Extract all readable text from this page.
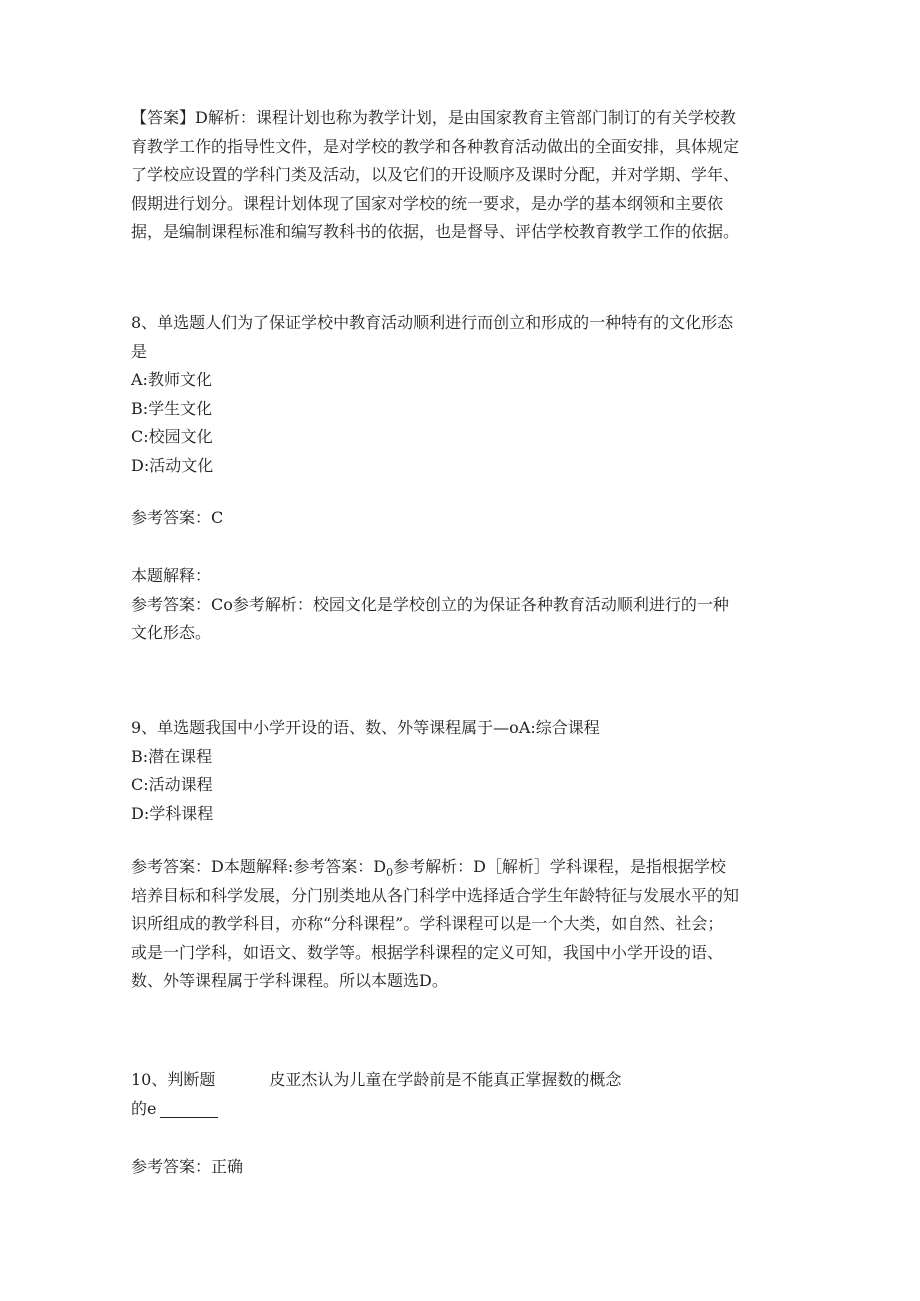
【答案】D解析：课程计划也称为教学计划，是由国家教育主管部门制订的有关学校教
育教学工作的指导性文件，是对学校的教学和各种教育活动做出的全面安排，具体规定
了学校应设置的学科门类及活动，以及它们的开设顺序及课时分配，并对学期、学年、
假期进行划分。课程计划体现了国家对学校的统一要求，是办学的基本纲领和主要依
据，是编制课程标准和编写教科书的依据，也是督导、评估学校教育教学工作的依据。
8、单选题人们为了保证学校中教育活动顺利进行而创立和形成的一种特有的文化形态
是
A:教师文化
B:学生文化
C:校园文化
D:活动文化
参考答案：C
本题解释：
参考答案：Co参考解析：校园文化是学校创立的为保证各种教育活动顺利进行的一种
文化形态。
9、单选题我国中小学开设的语、数、外等课程属于—oA:综合课程
B:潜在课程
C:活动课程
D:学科课程
参考答案：D本题解释:参考答案：$D_0$参考解析：D［解析］学科课程，是指根据学校
培养目标和科学发展，分门别类地从各门科学中选择适合学生年龄特征与发展水平的知
识所组成的教学科目，亦称“分科课程”。学科课程可以是一个大类，如自然、社会；
或是一门学科，如语文、数学等。根据学科课程的定义可知，我国中小学开设的语、
数、外等课程属于学科课程。所以本题选D。
10、判断题	皮亚杰认为儿童在学龄前是不能真正掌握数的概念
的e
参考答案：正确
